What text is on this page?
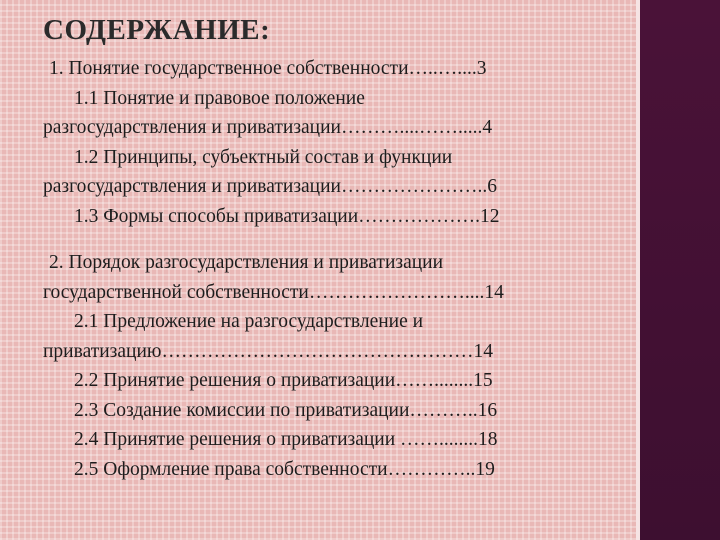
СОДЕРЖАНИЕ:
1. Понятие государственное собственности…..…....3
1.1 Понятие и правовое положение
разгосударствления и приватизации………....…….....4
1.2 Принципы, субъектный состав и функции
разгосударствления и приватизации…………………..6
1.3 Формы способы приватизации……………….12
2. Порядок разгосударствления и приватизации
государственной собственности……………………....14
2.1 Предложение на разгосударствление и
приватизацию…………………………………………14
2.2 Принятие решения о приватизации……........15
2.3 Создание комиссии по приватизации………..16
2.4 Принятие решения о приватизации ……........18
2.5 Оформление права собственности…………..19
